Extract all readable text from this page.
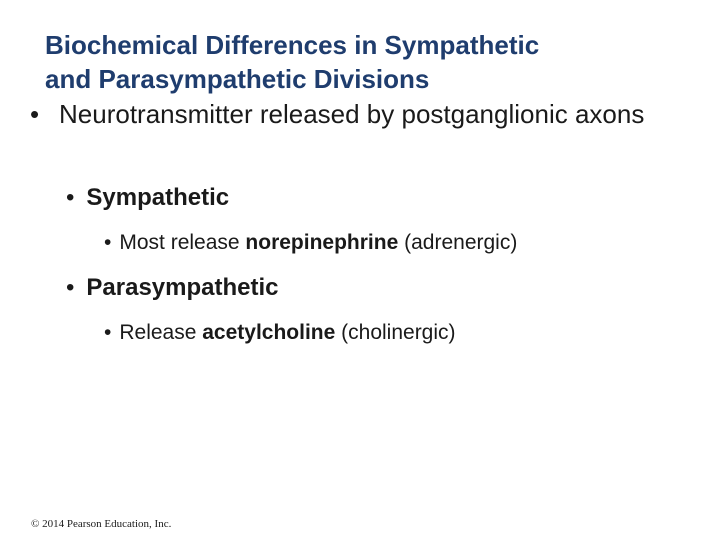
Biochemical Differences in Sympathetic
and Parasympathetic Divisions
• Neurotransmitter released by postganglionic axons
• Sympathetic
• Most release norepinephrine (adrenergic)
• Parasympathetic
• Release acetylcholine (cholinergic)
© 2014 Pearson Education, Inc.
